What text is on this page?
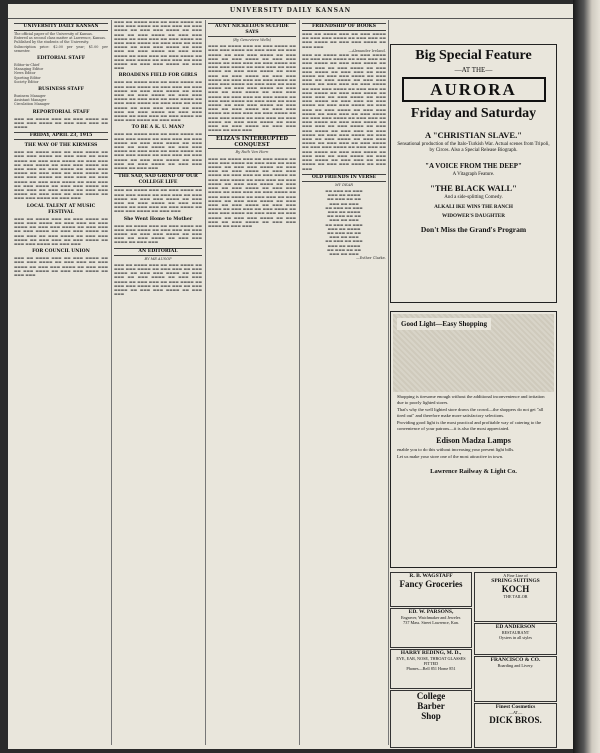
UNIVERSITY DAILY KANSAN
UNIVERSITY DAILY KANSAN
The official paper of the University of Kansas.
Entered as second class matter at Lawrence, Kansas.
Published by the students of the University.
Subscription price: $2.00 per year; $1.00 per semester.
EDITORIAL STAFF
Editor-in-Chief
Managing Editor
News Editor
Sporting Editor
Society Editor
BUSINESS STAFF
Business Manager
Assistant Manager
Circulation Manager
REPORTORIAL STAFF
▬▬▬ ▬▬ ▬▬▬▬ ▬▬▬ ▬▬ ▬▬▬ ▬▬▬▬ ▬▬ ▬▬▬ ▬▬▬ ▬▬▬▬ ▬▬ ▬▬▬ ▬▬▬ ▬▬▬ ▬▬ ▬▬▬▬
FRIDAY, APRIL 23, 1915
THE WAY OF THE KIRMESS
▬▬▬ ▬▬ ▬▬▬▬ ▬▬▬ ▬▬ ▬▬▬ ▬▬▬▬ ▬▬ ▬▬▬ ▬▬▬ ▬▬▬▬ ▬▬ ▬▬▬ ▬▬▬ ▬▬ ▬▬▬ ▬▬▬▬ ▬▬ ▬▬▬ ▬▬▬ ▬▬▬▬ ▬▬ ▬▬▬ ▬▬▬ ▬▬ ▬▬▬ ▬▬▬▬ ▬▬ ▬▬▬ ▬▬▬ ▬▬▬▬ ▬▬ ▬▬▬ ▬▬▬ ▬▬ ▬▬▬ ▬▬▬▬ ▬▬ ▬▬▬ ▬▬▬ ▬▬▬▬ ▬▬ ▬▬▬ ▬▬▬ ▬▬ ▬▬▬ ▬▬▬▬ ▬▬ ▬▬▬ ▬▬▬ ▬▬▬▬ ▬▬ ▬▬▬ ▬▬▬ ▬▬ ▬▬▬ ▬▬▬▬ ▬▬ ▬▬▬ ▬▬▬ ▬▬▬▬ ▬▬ ▬▬▬ ▬▬▬ ▬▬ ▬▬▬ ▬▬▬▬ ▬▬ ▬▬▬ ▬▬▬ ▬▬▬▬ ▬▬ ▬▬▬ ▬▬▬ ▬▬ ▬▬▬ ▬▬▬▬ ▬▬ ▬▬▬ ▬▬▬ ▬▬▬▬ ▬▬ ▬▬▬ ▬▬▬ ▬▬ ▬▬▬ ▬▬▬▬ ▬▬ ▬▬▬ ▬▬▬ ▬▬▬▬ ▬▬ ▬▬▬ ▬▬▬
LOCAL TALENT AT MUSIC FESTIVAL
▬▬▬ ▬▬ ▬▬▬▬ ▬▬▬ ▬▬ ▬▬▬ ▬▬▬▬ ▬▬ ▬▬▬ ▬▬▬ ▬▬▬▬ ▬▬ ▬▬▬ ▬▬▬ ▬▬ ▬▬▬ ▬▬▬▬ ▬▬ ▬▬▬ ▬▬▬ ▬▬▬▬ ▬▬ ▬▬▬ ▬▬▬ ▬▬ ▬▬▬ ▬▬▬▬ ▬▬ ▬▬▬ ▬▬▬ ▬▬▬▬ ▬▬ ▬▬▬ ▬▬▬ ▬▬ ▬▬▬ ▬▬▬▬ ▬▬ ▬▬▬ ▬▬▬ ▬▬▬▬ ▬▬ ▬▬▬ ▬▬▬ ▬▬ ▬▬▬ ▬▬▬▬ ▬▬ ▬▬▬ ▬▬▬ ▬▬▬▬ ▬▬ ▬▬▬ ▬▬▬
FOR COUNCIL UNION
▬▬▬ ▬▬ ▬▬▬▬ ▬▬▬ ▬▬ ▬▬▬ ▬▬▬▬ ▬▬ ▬▬▬ ▬▬▬ ▬▬▬▬ ▬▬ ▬▬▬ ▬▬▬ ▬▬ ▬▬▬ ▬▬▬▬ ▬▬ ▬▬▬ ▬▬▬ ▬▬▬▬ ▬▬ ▬▬▬ ▬▬▬ ▬▬ ▬▬▬ ▬▬▬▬ ▬▬ ▬▬▬ ▬▬▬ ▬▬▬▬ ▬▬ ▬▬▬ ▬▬▬
▬▬▬ ▬▬ ▬▬▬▬ ▬▬▬ ▬▬ ▬▬▬ ▬▬▬▬ ▬▬ ▬▬▬ ▬▬▬ ▬▬▬▬ ▬▬ ▬▬▬ ▬▬▬ ▬▬ ▬▬▬ ▬▬▬▬ ▬▬ ▬▬▬ ▬▬▬ ▬▬▬▬ ▬▬ ▬▬▬ ▬▬▬ ▬▬ ▬▬▬ ▬▬▬▬ ▬▬ ▬▬▬ ▬▬▬ ▬▬▬▬ ▬▬ ▬▬▬ ▬▬▬ ▬▬ ▬▬▬ ▬▬▬▬ ▬▬ ▬▬▬ ▬▬▬ ▬▬▬▬ ▬▬ ▬▬▬ ▬▬▬ ▬▬ ▬▬▬ ▬▬▬▬ ▬▬ ▬▬▬ ▬▬▬ ▬▬▬▬ ▬▬ ▬▬▬ ▬▬▬ ▬▬ ▬▬▬ ▬▬▬▬ ▬▬ ▬▬▬ ▬▬▬ ▬▬▬▬ ▬▬ ▬▬▬ ▬▬▬ ▬▬ ▬▬▬ ▬▬▬▬ ▬▬ ▬▬▬ ▬▬▬ ▬▬▬▬ ▬▬ ▬▬▬ ▬▬▬ ▬▬ ▬▬▬ ▬▬▬▬ ▬▬ ▬▬▬ ▬▬▬ ▬▬▬▬ ▬▬ ▬▬▬ ▬▬▬
BROADENS FIELD FOR GIRLS
▬▬▬ ▬▬ ▬▬▬▬ ▬▬▬ ▬▬ ▬▬▬ ▬▬▬▬ ▬▬ ▬▬▬ ▬▬▬ ▬▬▬▬ ▬▬ ▬▬▬ ▬▬▬ ▬▬ ▬▬▬ ▬▬▬▬ ▬▬ ▬▬▬ ▬▬▬ ▬▬▬▬ ▬▬ ▬▬▬ ▬▬▬ ▬▬ ▬▬▬ ▬▬▬▬ ▬▬ ▬▬▬ ▬▬▬ ▬▬▬▬ ▬▬ ▬▬▬ ▬▬▬ ▬▬ ▬▬▬ ▬▬▬▬ ▬▬ ▬▬▬ ▬▬▬ ▬▬▬▬ ▬▬ ▬▬▬ ▬▬▬ ▬▬ ▬▬▬ ▬▬▬▬ ▬▬ ▬▬▬ ▬▬▬ ▬▬▬▬ ▬▬ ▬▬▬ ▬▬▬ ▬▬ ▬▬▬ ▬▬▬▬ ▬▬ ▬▬▬ ▬▬▬ ▬▬▬▬ ▬▬ ▬▬▬ ▬▬▬ ▬▬ ▬▬▬ ▬▬▬▬ ▬▬ ▬▬▬ ▬▬▬ ▬▬▬▬ ▬▬ ▬▬▬ ▬▬▬
TO BE A K. U. MAN?
▬▬▬ ▬▬ ▬▬▬▬ ▬▬▬ ▬▬ ▬▬▬ ▬▬▬▬ ▬▬ ▬▬▬ ▬▬▬ ▬▬▬▬ ▬▬ ▬▬▬ ▬▬▬ ▬▬ ▬▬▬ ▬▬▬▬ ▬▬ ▬▬▬ ▬▬▬ ▬▬▬▬ ▬▬ ▬▬▬ ▬▬▬ ▬▬ ▬▬▬ ▬▬▬▬ ▬▬ ▬▬▬ ▬▬▬ ▬▬▬▬ ▬▬ ▬▬▬ ▬▬▬ ▬▬ ▬▬▬ ▬▬▬▬ ▬▬ ▬▬▬ ▬▬▬ ▬▬▬▬ ▬▬ ▬▬▬ ▬▬▬ ▬▬ ▬▬▬ ▬▬▬▬ ▬▬ ▬▬▬ ▬▬▬ ▬▬▬▬ ▬▬ ▬▬▬ ▬▬▬ ▬▬ ▬▬▬ ▬▬▬▬ ▬▬ ▬▬▬ ▬▬▬ ▬▬▬▬ ▬▬ ▬▬▬ ▬▬▬
THE SAD, SAD GRIND OF OUR COLLEGE LIFE
▬▬▬ ▬▬ ▬▬▬▬ ▬▬▬ ▬▬ ▬▬▬ ▬▬▬▬ ▬▬ ▬▬▬ ▬▬▬ ▬▬▬▬ ▬▬ ▬▬▬ ▬▬▬ ▬▬ ▬▬▬ ▬▬▬▬ ▬▬ ▬▬▬ ▬▬▬ ▬▬▬▬ ▬▬ ▬▬▬ ▬▬▬ ▬▬ ▬▬▬ ▬▬▬▬ ▬▬ ▬▬▬ ▬▬▬ ▬▬▬▬ ▬▬ ▬▬▬ ▬▬▬ ▬▬ ▬▬▬ ▬▬▬▬ ▬▬ ▬▬▬ ▬▬▬ ▬▬▬▬ ▬▬ ▬▬▬ ▬▬▬
She Went Home to Mother
▬▬▬ ▬▬ ▬▬▬▬ ▬▬▬ ▬▬ ▬▬▬ ▬▬▬▬ ▬▬ ▬▬▬ ▬▬▬ ▬▬▬▬ ▬▬ ▬▬▬ ▬▬▬ ▬▬ ▬▬▬ ▬▬▬▬ ▬▬ ▬▬▬ ▬▬▬ ▬▬▬▬ ▬▬ ▬▬▬ ▬▬▬ ▬▬ ▬▬▬ ▬▬▬▬ ▬▬ ▬▬▬ ▬▬▬ ▬▬▬▬ ▬▬ ▬▬▬ ▬▬▬
AN EDITORIAL
BY ME AUSOP
▬▬▬ ▬▬ ▬▬▬▬ ▬▬▬ ▬▬ ▬▬▬ ▬▬▬▬ ▬▬ ▬▬▬ ▬▬▬ ▬▬▬▬ ▬▬ ▬▬▬ ▬▬▬ ▬▬ ▬▬▬ ▬▬▬▬ ▬▬ ▬▬▬ ▬▬▬ ▬▬▬▬ ▬▬ ▬▬▬ ▬▬▬ ▬▬ ▬▬▬ ▬▬▬▬ ▬▬ ▬▬▬ ▬▬▬ ▬▬▬▬ ▬▬ ▬▬▬ ▬▬▬ ▬▬ ▬▬▬ ▬▬▬▬ ▬▬ ▬▬▬ ▬▬▬ ▬▬▬▬ ▬▬ ▬▬▬ ▬▬▬ ▬▬ ▬▬▬ ▬▬▬▬ ▬▬ ▬▬▬ ▬▬▬ ▬▬▬▬ ▬▬ ▬▬▬ ▬▬▬
AUNT NICKELOUS SULFIDE SAYS
(By Genevieve Wells)
▬▬▬ ▬▬ ▬▬▬▬ ▬▬▬ ▬▬ ▬▬▬ ▬▬▬▬ ▬▬ ▬▬▬ ▬▬▬ ▬▬▬▬ ▬▬ ▬▬▬ ▬▬▬ ▬▬ ▬▬▬ ▬▬▬▬ ▬▬ ▬▬▬ ▬▬▬ ▬▬▬▬ ▬▬ ▬▬▬ ▬▬▬ ▬▬ ▬▬▬ ▬▬▬▬ ▬▬ ▬▬▬ ▬▬▬ ▬▬▬▬ ▬▬ ▬▬▬ ▬▬▬ ▬▬ ▬▬▬ ▬▬▬▬ ▬▬ ▬▬▬ ▬▬▬ ▬▬▬▬ ▬▬ ▬▬▬ ▬▬▬ ▬▬ ▬▬▬ ▬▬▬▬ ▬▬ ▬▬▬ ▬▬▬ ▬▬▬▬ ▬▬ ▬▬▬ ▬▬▬ ▬▬ ▬▬▬ ▬▬▬▬ ▬▬ ▬▬▬ ▬▬▬ ▬▬▬▬ ▬▬ ▬▬▬ ▬▬▬ ▬▬ ▬▬▬ ▬▬▬▬ ▬▬ ▬▬▬ ▬▬▬ ▬▬▬▬ ▬▬ ▬▬▬ ▬▬▬ ▬▬ ▬▬▬ ▬▬▬▬ ▬▬ ▬▬▬ ▬▬▬ ▬▬▬▬ ▬▬ ▬▬▬ ▬▬▬ ▬▬ ▬▬▬ ▬▬▬▬ ▬▬ ▬▬▬ ▬▬▬ ▬▬▬▬ ▬▬ ▬▬▬ ▬▬▬ ▬▬ ▬▬▬ ▬▬▬▬ ▬▬ ▬▬▬ ▬▬▬ ▬▬▬▬ ▬▬ ▬▬▬ ▬▬▬ ▬▬ ▬▬▬ ▬▬▬▬ ▬▬ ▬▬▬ ▬▬▬ ▬▬▬▬ ▬▬ ▬▬▬ ▬▬▬ ▬▬ ▬▬▬ ▬▬▬▬ ▬▬ ▬▬▬ ▬▬▬ ▬▬▬▬ ▬▬ ▬▬▬ ▬▬▬ ▬▬ ▬▬▬ ▬▬▬▬ ▬▬ ▬▬▬ ▬▬▬ ▬▬▬▬ ▬▬ ▬▬▬ ▬▬▬ ▬▬ ▬▬▬ ▬▬▬▬ ▬▬ ▬▬▬ ▬▬▬ ▬▬▬▬ ▬▬ ▬▬▬ ▬▬▬ ▬▬ ▬▬▬ ▬▬▬▬ ▬▬ ▬▬▬ ▬▬▬ ▬▬▬▬ ▬▬ ▬▬▬ ▬▬▬
ELIZA'S INTERRUPTED CONQUEST
By Ruth Van Horn
▬▬▬ ▬▬ ▬▬▬▬ ▬▬▬ ▬▬ ▬▬▬ ▬▬▬▬ ▬▬ ▬▬▬ ▬▬▬ ▬▬▬▬ ▬▬ ▬▬▬ ▬▬▬ ▬▬ ▬▬▬ ▬▬▬▬ ▬▬ ▬▬▬ ▬▬▬ ▬▬▬▬ ▬▬ ▬▬▬ ▬▬▬ ▬▬ ▬▬▬ ▬▬▬▬ ▬▬ ▬▬▬ ▬▬▬ ▬▬▬▬ ▬▬ ▬▬▬ ▬▬▬ ▬▬ ▬▬▬ ▬▬▬▬ ▬▬ ▬▬▬ ▬▬▬ ▬▬▬▬ ▬▬ ▬▬▬ ▬▬▬ ▬▬ ▬▬▬ ▬▬▬▬ ▬▬ ▬▬▬ ▬▬▬ ▬▬▬▬ ▬▬ ▬▬▬ ▬▬▬ ▬▬ ▬▬▬ ▬▬▬▬ ▬▬ ▬▬▬ ▬▬▬ ▬▬▬▬ ▬▬ ▬▬▬ ▬▬▬ ▬▬ ▬▬▬ ▬▬▬▬ ▬▬ ▬▬▬ ▬▬▬ ▬▬▬▬ ▬▬ ▬▬▬ ▬▬▬ ▬▬ ▬▬▬ ▬▬▬▬ ▬▬ ▬▬▬ ▬▬▬ ▬▬▬▬ ▬▬ ▬▬▬ ▬▬▬ ▬▬ ▬▬▬ ▬▬▬▬ ▬▬ ▬▬▬ ▬▬▬ ▬▬▬▬ ▬▬ ▬▬▬ ▬▬▬ ▬▬ ▬▬▬ ▬▬▬▬ ▬▬ ▬▬▬ ▬▬▬ ▬▬▬▬ ▬▬ ▬▬▬ ▬▬▬ ▬▬ ▬▬▬ ▬▬▬▬ ▬▬ ▬▬▬ ▬▬▬ ▬▬▬▬ ▬▬ ▬▬▬ ▬▬▬ ▬▬ ▬▬▬ ▬▬▬▬ ▬▬ ▬▬▬ ▬▬▬ ▬▬▬▬ ▬▬ ▬▬▬ ▬▬▬
FRIENDSHIP OF BOOKS
▬▬▬ ▬▬ ▬▬▬▬ ▬▬▬ ▬▬ ▬▬▬ ▬▬▬▬ ▬▬ ▬▬▬ ▬▬▬ ▬▬▬▬ ▬▬ ▬▬▬ ▬▬▬ ▬▬ ▬▬▬ ▬▬▬▬ ▬▬ ▬▬▬ ▬▬▬ ▬▬▬▬ ▬▬ ▬▬▬ ▬▬▬
—Alexander Ireland.
▬▬▬ ▬▬ ▬▬▬▬ ▬▬▬ ▬▬ ▬▬▬ ▬▬▬▬ ▬▬ ▬▬▬ ▬▬▬ ▬▬▬▬ ▬▬ ▬▬▬ ▬▬▬ ▬▬ ▬▬▬ ▬▬▬▬ ▬▬ ▬▬▬ ▬▬▬ ▬▬▬▬ ▬▬ ▬▬▬ ▬▬▬ ▬▬ ▬▬▬ ▬▬▬▬ ▬▬ ▬▬▬ ▬▬▬ ▬▬▬▬ ▬▬ ▬▬▬ ▬▬▬ ▬▬ ▬▬▬ ▬▬▬▬ ▬▬ ▬▬▬ ▬▬▬ ▬▬▬▬ ▬▬ ▬▬▬ ▬▬▬ ▬▬ ▬▬▬ ▬▬▬▬ ▬▬ ▬▬▬ ▬▬▬ ▬▬▬▬ ▬▬ ▬▬▬ ▬▬▬ ▬▬ ▬▬▬ ▬▬▬▬ ▬▬ ▬▬▬ ▬▬▬ ▬▬▬▬ ▬▬ ▬▬▬ ▬▬▬ ▬▬ ▬▬▬ ▬▬▬▬ ▬▬ ▬▬▬ ▬▬▬ ▬▬▬▬ ▬▬ ▬▬▬ ▬▬▬ ▬▬ ▬▬▬ ▬▬▬▬ ▬▬ ▬▬▬ ▬▬▬ ▬▬▬▬ ▬▬ ▬▬▬ ▬▬▬ ▬▬ ▬▬▬ ▬▬▬▬ ▬▬ ▬▬▬ ▬▬▬ ▬▬▬▬ ▬▬ ▬▬▬ ▬▬▬ ▬▬ ▬▬▬ ▬▬▬▬ ▬▬ ▬▬▬ ▬▬▬ ▬▬▬▬ ▬▬ ▬▬▬ ▬▬▬ ▬▬ ▬▬▬ ▬▬▬▬ ▬▬ ▬▬▬ ▬▬▬ ▬▬▬▬ ▬▬ ▬▬▬ ▬▬▬ ▬▬ ▬▬▬ ▬▬▬▬ ▬▬ ▬▬▬ ▬▬▬ ▬▬▬▬ ▬▬ ▬▬▬ ▬▬▬ ▬▬ ▬▬▬ ▬▬▬▬ ▬▬ ▬▬▬ ▬▬▬ ▬▬▬▬ ▬▬ ▬▬▬ ▬▬▬ ▬▬ ▬▬▬ ▬▬▬▬ ▬▬ ▬▬▬ ▬▬▬ ▬▬▬▬ ▬▬ ▬▬▬ ▬▬▬ ▬▬ ▬▬▬ ▬▬▬▬ ▬▬ ▬▬▬ ▬▬▬ ▬▬▬▬ ▬▬ ▬▬▬ ▬▬▬ ▬▬ ▬▬▬ ▬▬▬▬ ▬▬ ▬▬▬ ▬▬▬ ▬▬▬▬ ▬▬ ▬▬▬ ▬▬▬ ▬▬ ▬▬▬ ▬▬▬▬ ▬▬ ▬▬▬ ▬▬▬ ▬▬▬▬ ▬▬ ▬▬▬ ▬▬▬ ▬▬ ▬▬▬ ▬▬▬▬ ▬▬ ▬▬▬ ▬▬▬ ▬▬▬▬ ▬▬ ▬▬▬ ▬▬▬ ▬▬ ▬▬▬ ▬▬▬▬ ▬▬ ▬▬▬ ▬▬▬ ▬▬▬▬ ▬▬ ▬▬▬ ▬▬▬
OLD FRIENDS IN VERSE
MY DEAR
▬▬ ▬▬▬ ▬▬ ▬▬▬
▬▬▬ ▬▬ ▬▬▬▬
▬▬ ▬▬▬ ▬▬ ▬▬
▬▬▬ ▬▬ ▬▬▬
▬▬ ▬▬▬ ▬▬ ▬▬▬
▬▬▬ ▬▬ ▬▬▬▬
▬▬ ▬▬▬ ▬▬ ▬▬
▬▬▬ ▬▬ ▬▬▬
▬▬ ▬▬▬ ▬▬ ▬▬▬
▬▬▬ ▬▬ ▬▬▬▬
▬▬ ▬▬▬ ▬▬ ▬▬
▬▬▬ ▬▬ ▬▬▬
▬▬ ▬▬▬ ▬▬ ▬▬▬
▬▬▬ ▬▬ ▬▬▬▬
▬▬ ▬▬▬ ▬▬ ▬▬
▬▬▬ ▬▬ ▬▬▬
—Esther Clarke.
Big Special Feature
—AT THE—
AURORA
Friday and Saturday
A "CHRISTIAN SLAVE."
Sensational production of the Italo-Turkish War. Actual scenes from Tripoli, by Circes. Also a Special Release Biograph.
"A VOICE FROM THE DEEP"
A Vitagraph Feature.
"THE BLACK WALL"
And a side-splitting Comedy.
ALKALI IKE WINS THE RANCH
WIDOWER'S DAUGHTER
Don't Miss the Grand's Program
Good Light—Easy Shopping
Shopping is tiresome enough without the additional inconvenience and irritation due to poorly lighted stores.
That's why the well lighted store draws the crowd—the shoppers do not get "all tired out" and therefore make more satisfactory selections.
Providing good light is the most practical and profitable way of catering to the convenience of your patrons—it is also the most appreciated.
Edison Madza Lamps
enable you to do this without increasing your present light bills.
Let us make your store one of the most attractive in town.
Lawrence Railway & Light Co.
R. B. WAGSTAFF
Fancy Groceries
ED. W. PARSONS,
Engraver, Watchmaker and Jeweler.
737 Mass. Street Lawrence, Kan.
HARRY REDING, M. D.,
EYE, EAR, NOSE, THROAT GLASSES FITTED
Phones—Bell 851 Home 851
College
Barber
Shop
A Fine Line of
SPRING SUITINGS
KOCH
THE TAILOR
ED ANDERSON
RESTAURANT
Oysters in all styles
FRANCISCO & CO.
Boarding and Livery.
Finest Cosmetics
—AT—
DICK BROS.
